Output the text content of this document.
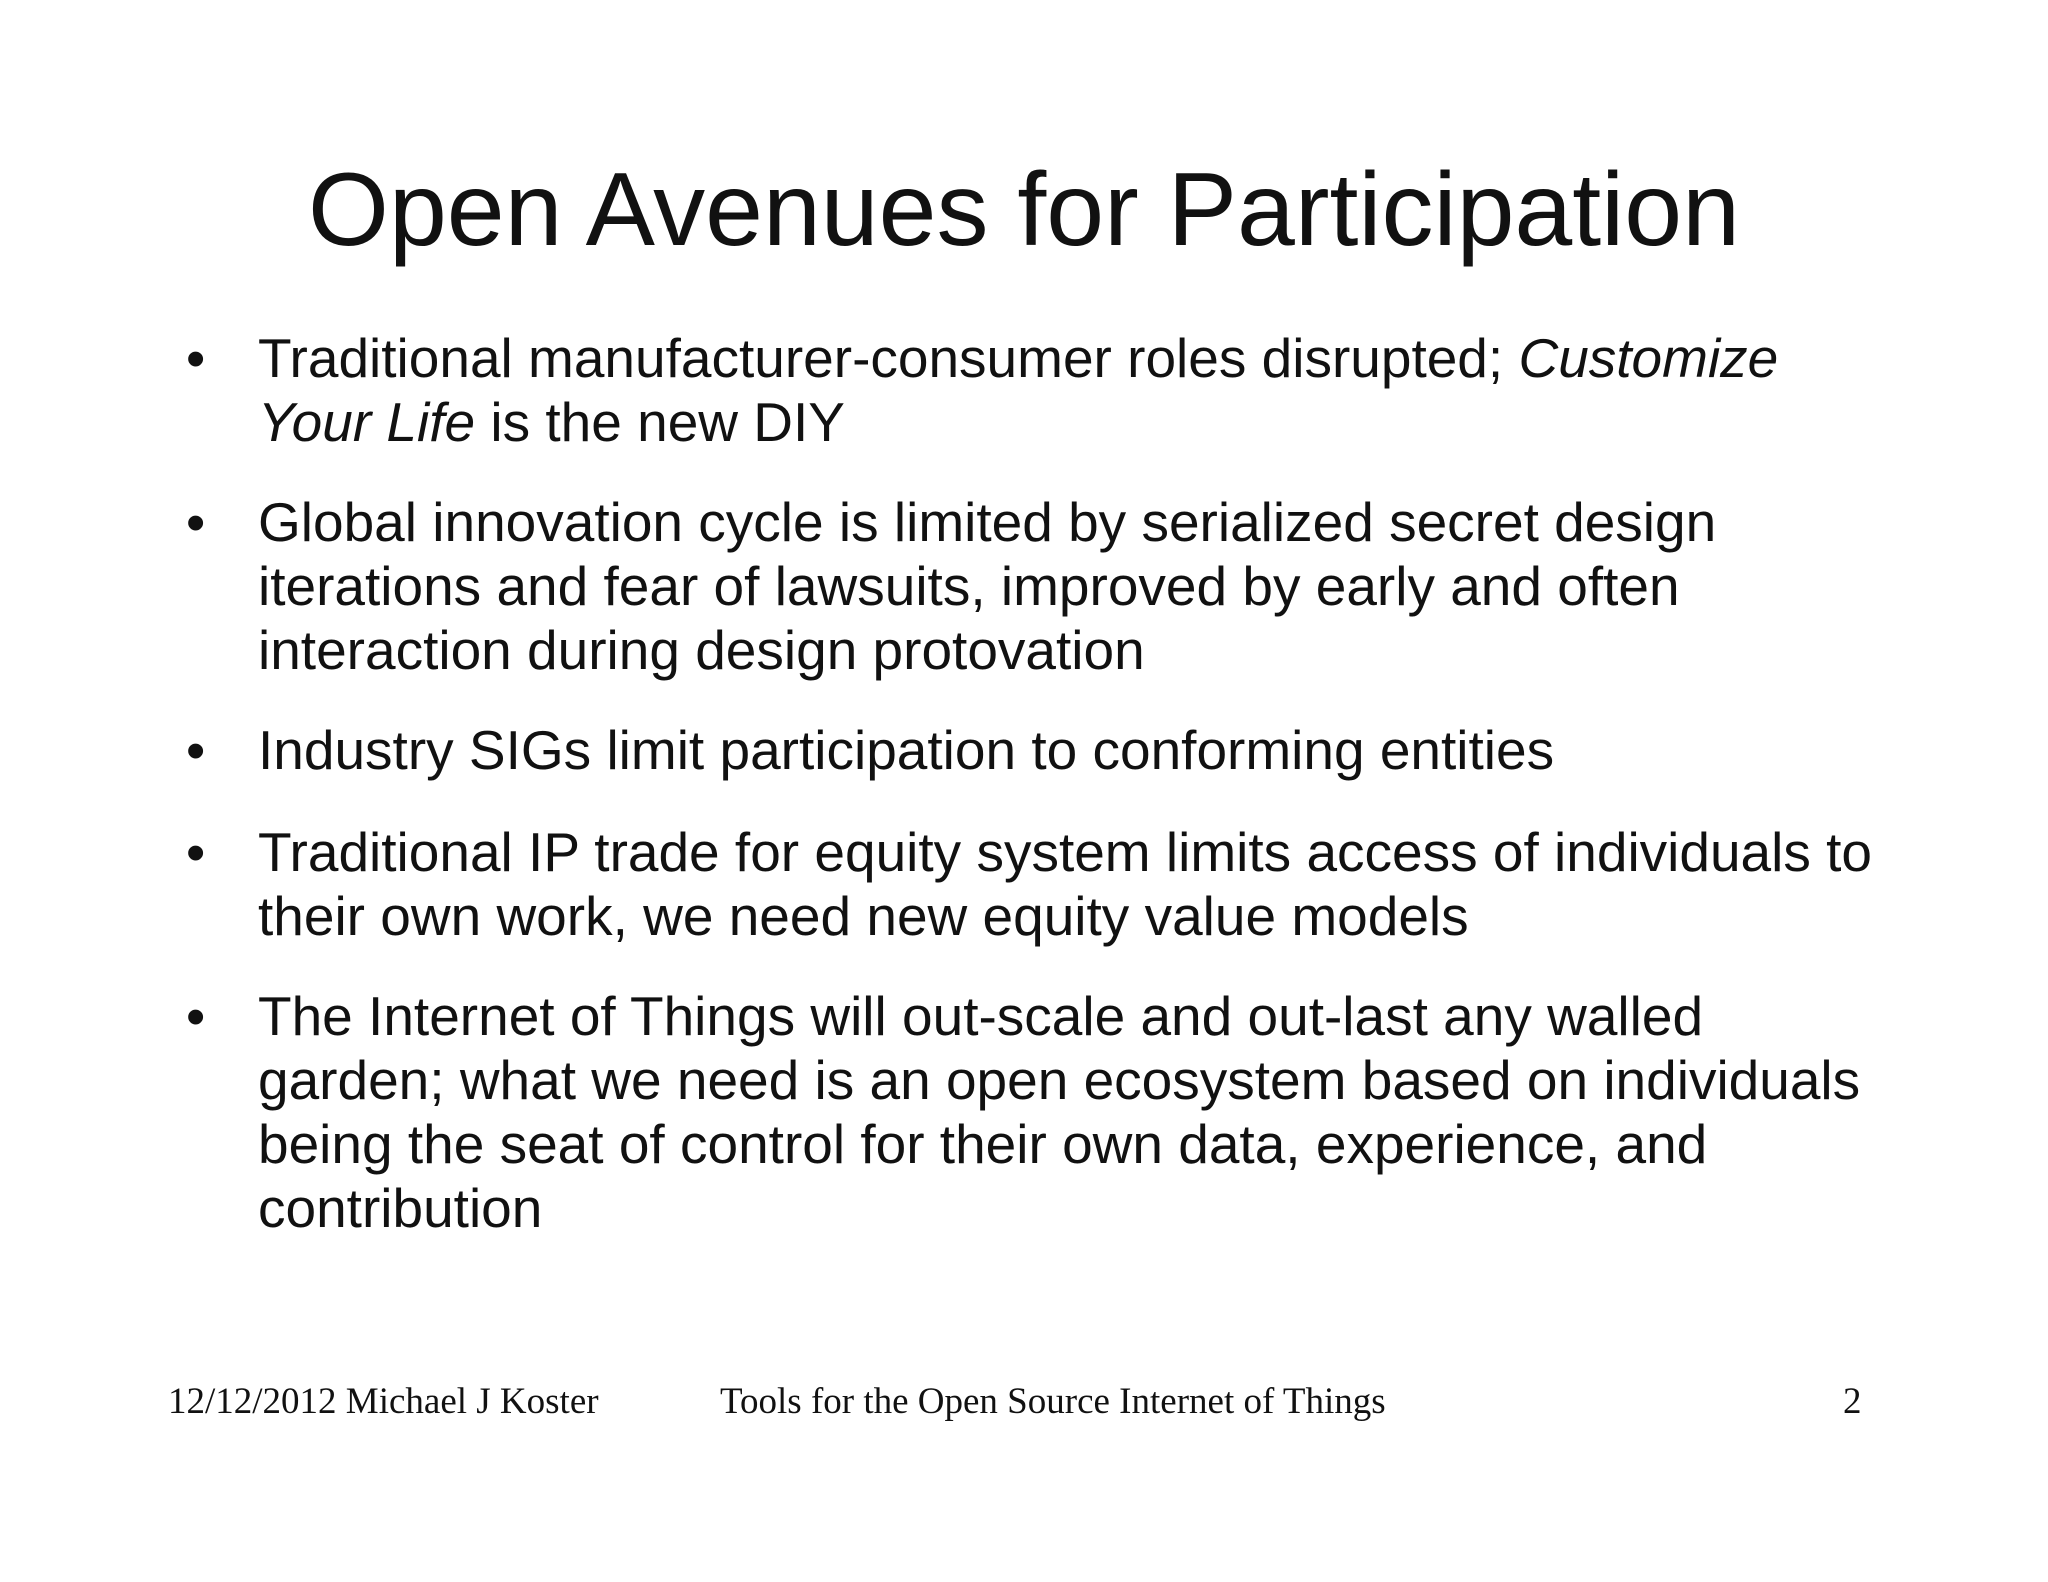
Open Avenues for Participation
• Traditional manufacturer-consumer roles disrupted; Customize Your Life is the new DIY
• Global innovation cycle is limited by serialized secret design iterations and fear of lawsuits, improved by early and often interaction during design protovation
• Industry SIGs limit participation to conforming entities
• Traditional IP trade for equity system limits access of individuals to their own work, we need new equity value models
• The Internet of Things will out-scale and out-last any walled garden; what we need is an open ecosystem based on individuals being the seat of control for their own data, experience, and contribution
12/12/2012 Michael J Koster	Tools for the Open Source Internet of Things	2
